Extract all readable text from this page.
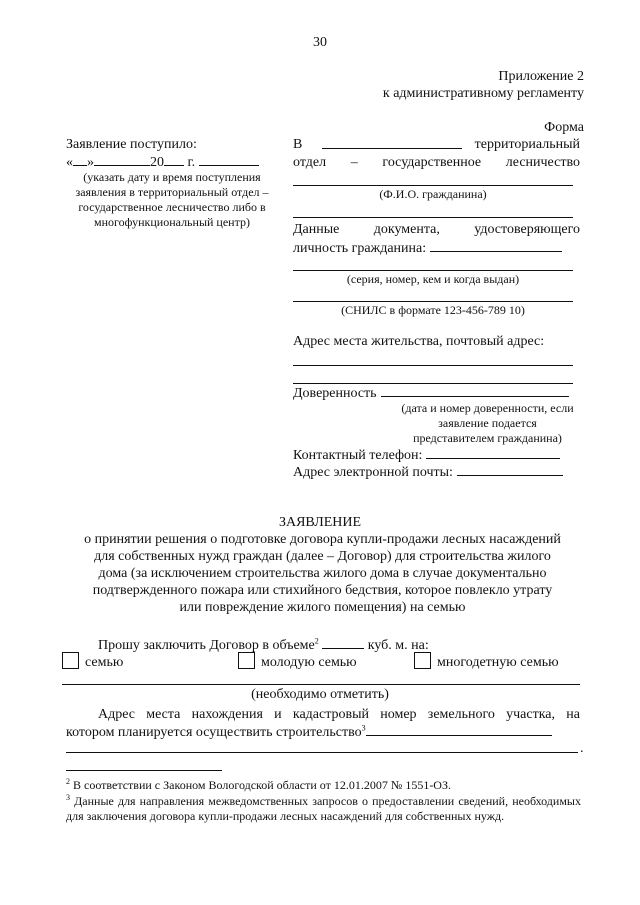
30
Приложение 2
к административному регламенту
Форма
Заявление поступило:
« »	20 г.
(указать дату и время поступления заявления в территориальный отдел – государственное лесничество либо в многофункциональный центр)
В	территориальный
отдел – государственное лесничество
(Ф.И.О. гражданина)
Данные документа, удостоверяющего
личность гражданина:
(серия, номер, кем и когда выдан)
(СНИЛС в формате 123-456-789 10)
Адрес места жительства, почтовый адрес:
Доверенность
(дата и номер доверенности, если заявление подается представителем гражданина)
Контактный телефон:
Адрес электронной почты:
ЗАЯВЛЕНИЕ
о принятии решения о подготовке договора купли-продажи лесных насаждений
для собственных нужд граждан (далее – Договор) для строительства жилого
дома (за исключением строительства жилого дома в случае документально
подтвержденного пожара или стихийного бедствия, которое повлекло утрату
или повреждение жилого помещения) на семью
Прошу заключить Договор в объеме$^2$	куб. м. на:
семью	молодую семью	многодетную семью
(необходимо отметить)
Адрес места нахождения и кадастровый номер земельного участка, на
котором планируется осуществить строительство$^3$
.
$^2$ В соответствии с Законом Вологодской области от 12.01.2007 № 1551-ОЗ.
$^3$ Данные для направления межведомственных запросов о предоставлении сведений, необходимых для заключения договора купли-продажи лесных насаждений для собственных нужд.
